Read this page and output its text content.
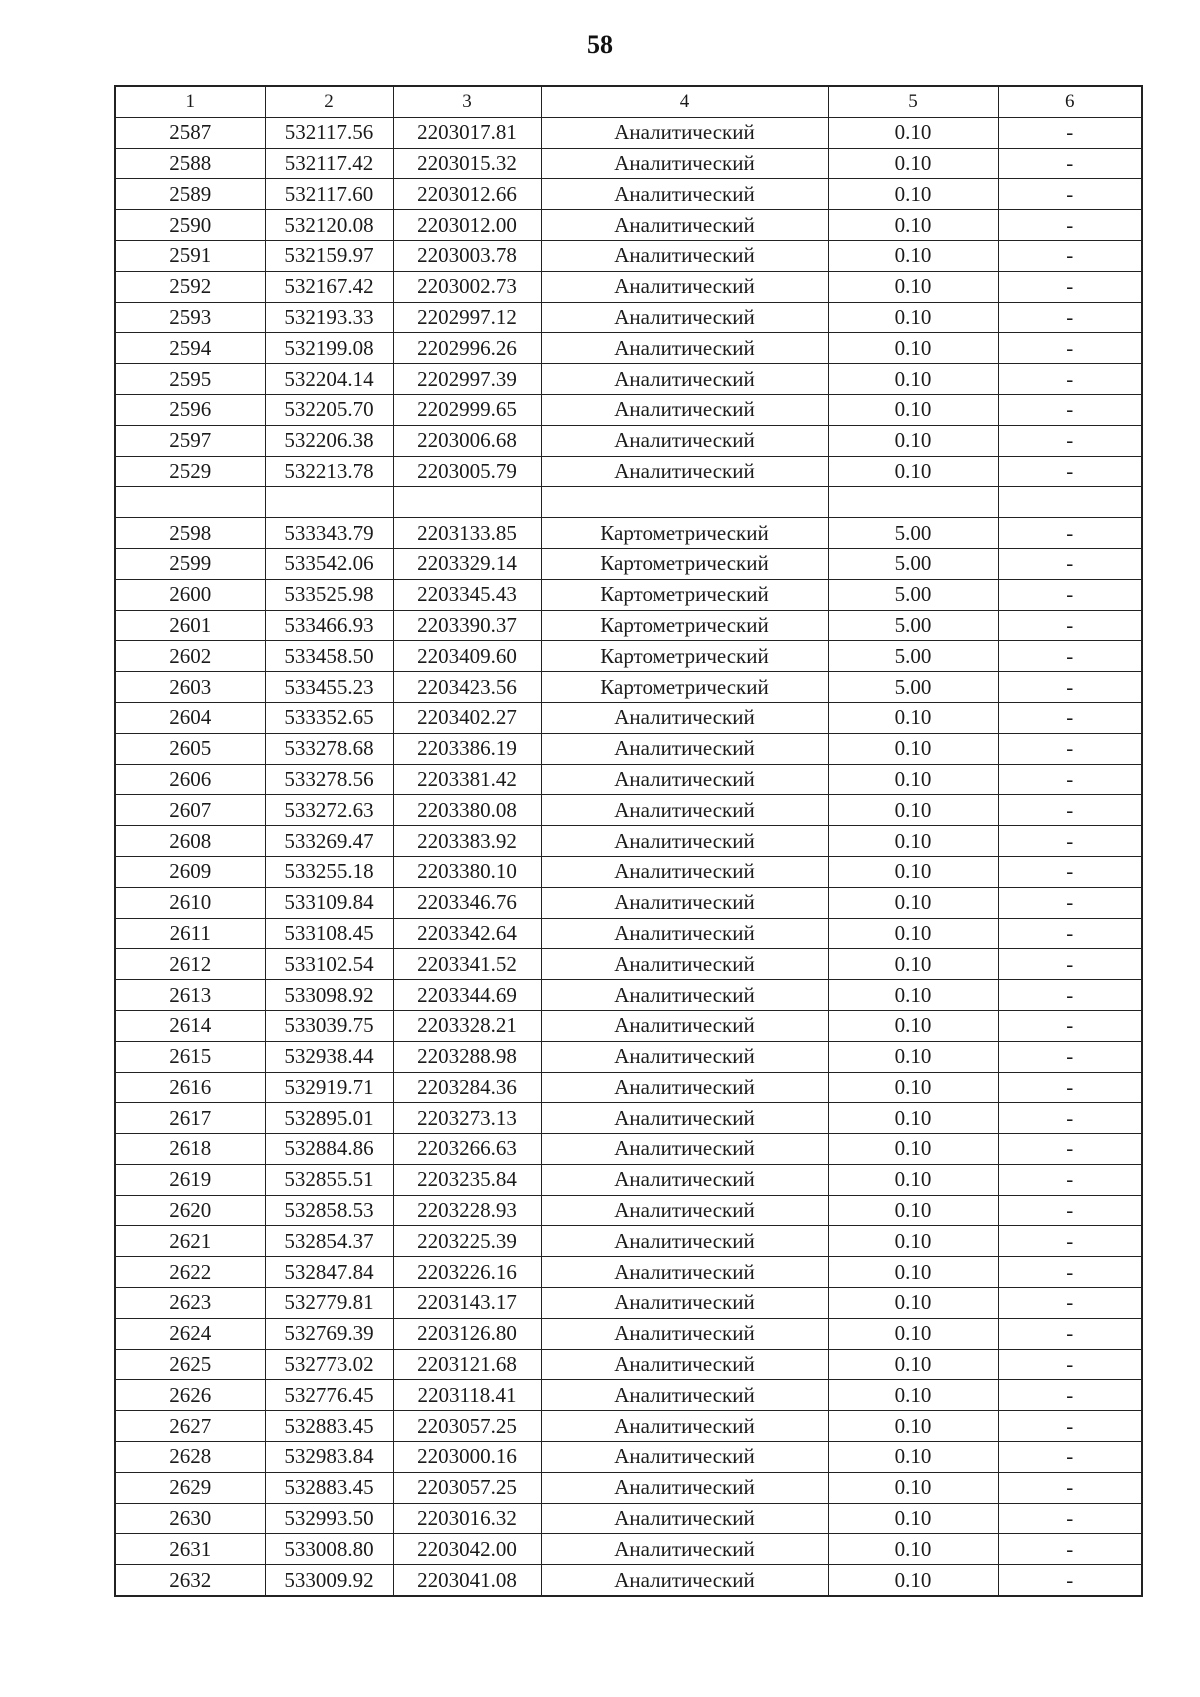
58
1	2	3	4	5	6
2587	532117.56	2203017.81	Аналитический	0.10	-
2588	532117.42	2203015.32	Аналитический	0.10	-
2589	532117.60	2203012.66	Аналитический	0.10	-
2590	532120.08	2203012.00	Аналитический	0.10	-
2591	532159.97	2203003.78	Аналитический	0.10	-
2592	532167.42	2203002.73	Аналитический	0.10	-
2593	532193.33	2202997.12	Аналитический	0.10	-
2594	532199.08	2202996.26	Аналитический	0.10	-
2595	532204.14	2202997.39	Аналитический	0.10	-
2596	532205.70	2202999.65	Аналитический	0.10	-
2597	532206.38	2203006.68	Аналитический	0.10	-
2529	532213.78	2203005.79	Аналитический	0.10	-

2598	533343.79	2203133.85	Картометрический	5.00	-
2599	533542.06	2203329.14	Картометрический	5.00	-
2600	533525.98	2203345.43	Картометрический	5.00	-
2601	533466.93	2203390.37	Картометрический	5.00	-
2602	533458.50	2203409.60	Картометрический	5.00	-
2603	533455.23	2203423.56	Картометрический	5.00	-
2604	533352.65	2203402.27	Аналитический	0.10	-
2605	533278.68	2203386.19	Аналитический	0.10	-
2606	533278.56	2203381.42	Аналитический	0.10	-
2607	533272.63	2203380.08	Аналитический	0.10	-
2608	533269.47	2203383.92	Аналитический	0.10	-
2609	533255.18	2203380.10	Аналитический	0.10	-
2610	533109.84	2203346.76	Аналитический	0.10	-
2611	533108.45	2203342.64	Аналитический	0.10	-
2612	533102.54	2203341.52	Аналитический	0.10	-
2613	533098.92	2203344.69	Аналитический	0.10	-
2614	533039.75	2203328.21	Аналитический	0.10	-
2615	532938.44	2203288.98	Аналитический	0.10	-
2616	532919.71	2203284.36	Аналитический	0.10	-
2617	532895.01	2203273.13	Аналитический	0.10	-
2618	532884.86	2203266.63	Аналитический	0.10	-
2619	532855.51	2203235.84	Аналитический	0.10	-
2620	532858.53	2203228.93	Аналитический	0.10	-
2621	532854.37	2203225.39	Аналитический	0.10	-
2622	532847.84	2203226.16	Аналитический	0.10	-
2623	532779.81	2203143.17	Аналитический	0.10	-
2624	532769.39	2203126.80	Аналитический	0.10	-
2625	532773.02	2203121.68	Аналитический	0.10	-
2626	532776.45	2203118.41	Аналитический	0.10	-
2627	532883.45	2203057.25	Аналитический	0.10	-
2628	532983.84	2203000.16	Аналитический	0.10	-
2629	532883.45	2203057.25	Аналитический	0.10	-
2630	532993.50	2203016.32	Аналитический	0.10	-
2631	533008.80	2203042.00	Аналитический	0.10	-
2632	533009.92	2203041.08	Аналитический	0.10	-
